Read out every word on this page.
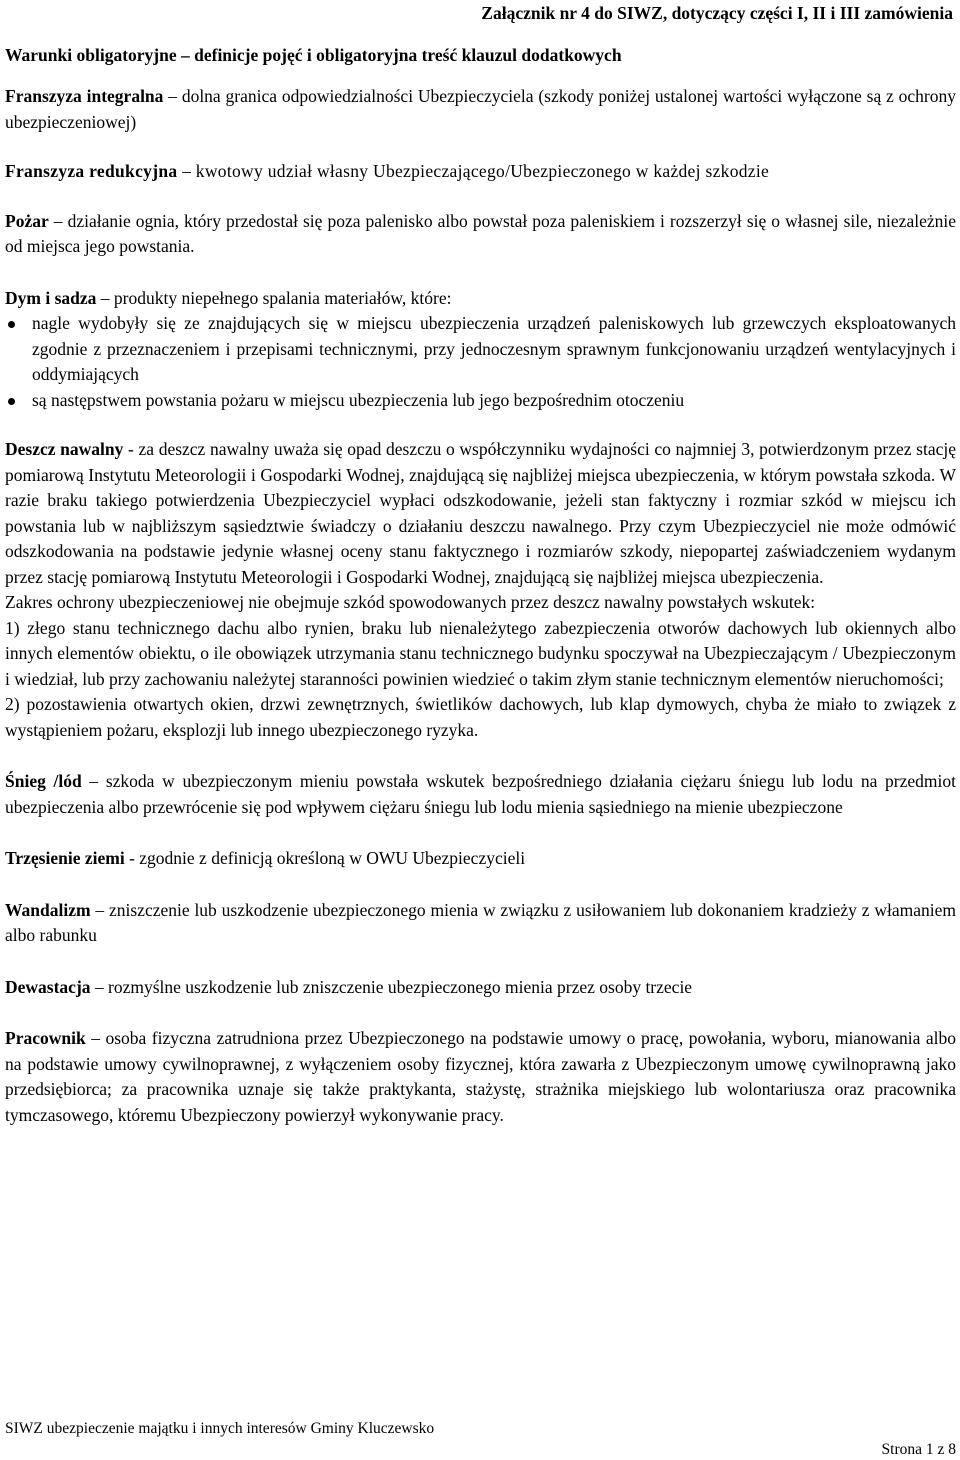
Załącznik nr 4 do SIWZ, dotyczący części I, II i III zamówienia
Warunki obligatoryjne – definicje pojęć i obligatoryjna treść klauzul dodatkowych

Franszyza integralna – dolna granica odpowiedzialności Ubezpieczyciela (szkody poniżej ustalonej wartości wyłączone są z ochrony ubezpieczeniowej)

Franszyza redukcyjna – kwotowy udział własny Ubezpieczającego/Ubezpieczonego w każdej szkodzie

Pożar – działanie ognia, który przedostał się poza palenisko albo powstał poza paleniskiem i rozszerzył się o własnej sile, niezależnie od miejsca jego powstania.

Dym i sadza – produkty niepełnego spalania materiałów, które:

nagle wydobyły się ze znajdujących się w miejscu ubezpieczenia urządzeń paleniskowych lub grzewczych eksploatowanych zgodnie z przeznaczeniem i przepisami technicznymi, przy jednoczesnym sprawnym funkcjonowaniu urządzeń wentylacyjnych i oddymiających
są następstwem powstania pożaru w miejscu ubezpieczenia lub jego bezpośrednim otoczeniu

Deszcz nawalny - za deszcz nawalny uważa się opad deszczu o współczynniku wydajności co najmniej 3, potwierdzonym przez stację pomiarową Instytutu Meteorologii i Gospodarki Wodnej, znajdującą się najbliżej miejsca ubezpieczenia, w którym powstała szkoda. W razie braku takiego potwierdzenia Ubezpieczyciel wypłaci odszkodowanie, jeżeli stan faktyczny i rozmiar szkód w miejscu ich powstania lub w najbliższym sąsiedztwie świadczy o działaniu deszczu nawalnego. Przy czym Ubezpieczyciel nie może odmówić odszkodowania na podstawie jedynie własnej oceny stanu faktycznego i rozmiarów szkody, niepopartej zaświadczeniem wydanym przez stację pomiarową Instytutu Meteorologii i Gospodarki Wodnej, znajdującą się najbliżej miejsca ubezpieczenia.

Zakres ochrony ubezpieczeniowej nie obejmuje szkód spowodowanych przez deszcz nawalny powstałych wskutek:

1) złego stanu technicznego dachu albo rynien, braku lub nienależytego zabezpieczenia otworów dachowych lub okiennych albo innych elementów obiektu, o ile obowiązek utrzymania stanu technicznego budynku spoczywał na Ubezpieczającym / Ubezpieczonym i wiedział, lub przy zachowaniu należytej staranności powinien wiedzieć o takim złym stanie technicznym elementów nieruchomości;

2) pozostawienia otwartych okien, drzwi zewnętrznych, świetlików dachowych, lub klap dymowych, chyba że miało to związek z wystąpieniem pożaru, eksplozji lub innego ubezpieczonego ryzyka.

Śnieg /lód – szkoda w ubezpieczonym mieniu powstała wskutek bezpośredniego działania ciężaru śniegu lub lodu na przedmiot ubezpieczenia albo przewrócenie się pod wpływem ciężaru śniegu lub lodu mienia sąsiedniego na mienie ubezpieczone

Trzęsienie ziemi - zgodnie z definicją określoną w OWU Ubezpieczycieli

Wandalizm – zniszczenie lub uszkodzenie ubezpieczonego mienia w związku z usiłowaniem lub dokonaniem kradzieży z włamaniem albo rabunku

Dewastacja – rozmyślne uszkodzenie lub zniszczenie ubezpieczonego mienia przez osoby trzecie

Pracownik – osoba fizyczna zatrudniona przez Ubezpieczonego na podstawie umowy o pracę, powołania, wyboru, mianowania albo na podstawie umowy cywilnoprawnej, z wyłączeniem osoby fizycznej, która zawarła z Ubezpieczonym umowę cywilnoprawną jako przedsiębiorca; za pracownika uznaje się także praktykanta, stażystę, strażnika miejskiego lub wolontariusza oraz pracownika tymczasowego, któremu Ubezpieczony powierzył wykonywanie pracy.

SIWZ ubezpieczenie majątku i innych interesów Gminy Kluczewsko
Strona 1 z 8
